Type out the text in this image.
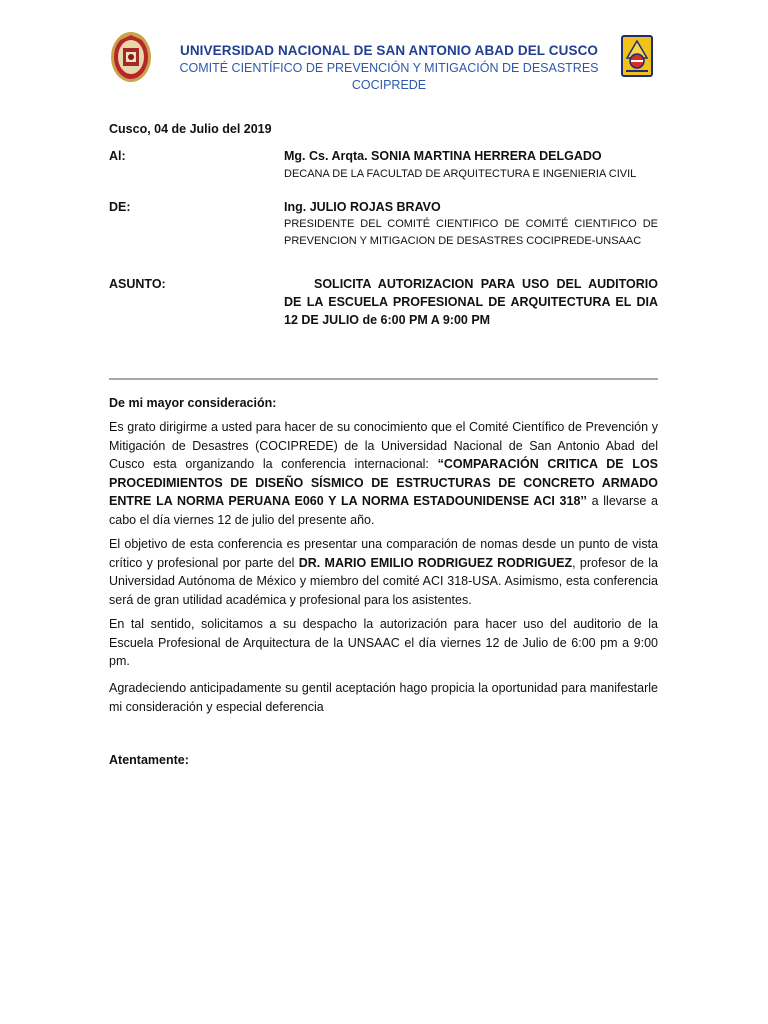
UNIVERSIDAD NACIONAL DE SAN ANTONIO ABAD DEL CUSCO
COMITÉ CIENTÍFICO DE PREVENCIÓN Y MITIGACIÓN DE DESASTRES
COCIPREDE
Cusco, 04 de Julio del 2019
Al:	Mg. Cs. Arqta. SONIA MARTINA HERRERA DELGADO
DECANA DE LA FACULTAD DE ARQUITECTURA E INGENIERIA CIVIL
DE:	Ing. JULIO ROJAS BRAVO
PRESIDENTE DEL COMITÉ CIENTIFICO DE COMITÉ CIENTIFICO DE PREVENCION Y MITIGACION DE DESASTRES COCIPREDE-UNSAAC
ASUNTO:	SOLICITA AUTORIZACION PARA USO DEL AUDITORIO DE LA ESCUELA PROFESIONAL DE ARQUITECTURA EL DIA 12 DE JULIO de 6:00 PM A 9:00 PM
De mi mayor consideración:
Es grato dirigirme a usted para hacer de su conocimiento que el Comité Científico de Prevención y Mitigación de Desastres (COCIPREDE) de la Universidad Nacional de San Antonio Abad del Cusco esta organizando la conferencia internacional: “COMPARACIÓN CRITICA DE LOS PROCEDIMIENTOS DE DISEÑO SÍSMICO DE ESTRUCTURAS DE CONCRETO ARMADO ENTRE LA NORMA PERUANA E060 Y LA NORMA ESTADOUNIDENSE ACI 318’’ a llevarse a cabo el día viernes 12 de julio del presente año.
El objetivo de esta conferencia es presentar una comparación de nomas desde un punto de vista crítico y profesional por parte del DR. MARIO EMILIO RODRIGUEZ RODRIGUEZ, profesor de la Universidad Autónoma de México y miembro del comité ACI 318-USA. Asimismo, esta conferencia será de gran utilidad académica y profesional para los asistentes.
En tal sentido, solicitamos a su despacho la autorización para hacer uso del auditorio de la Escuela Profesional de Arquitectura de la UNSAAC el día viernes 12 de Julio de 6:00 pm a 9:00 pm.
Agradeciendo anticipadamente su gentil aceptación hago propicia la oportunidad para manifestarle mi consideración y especial deferencia
Atentamente:
